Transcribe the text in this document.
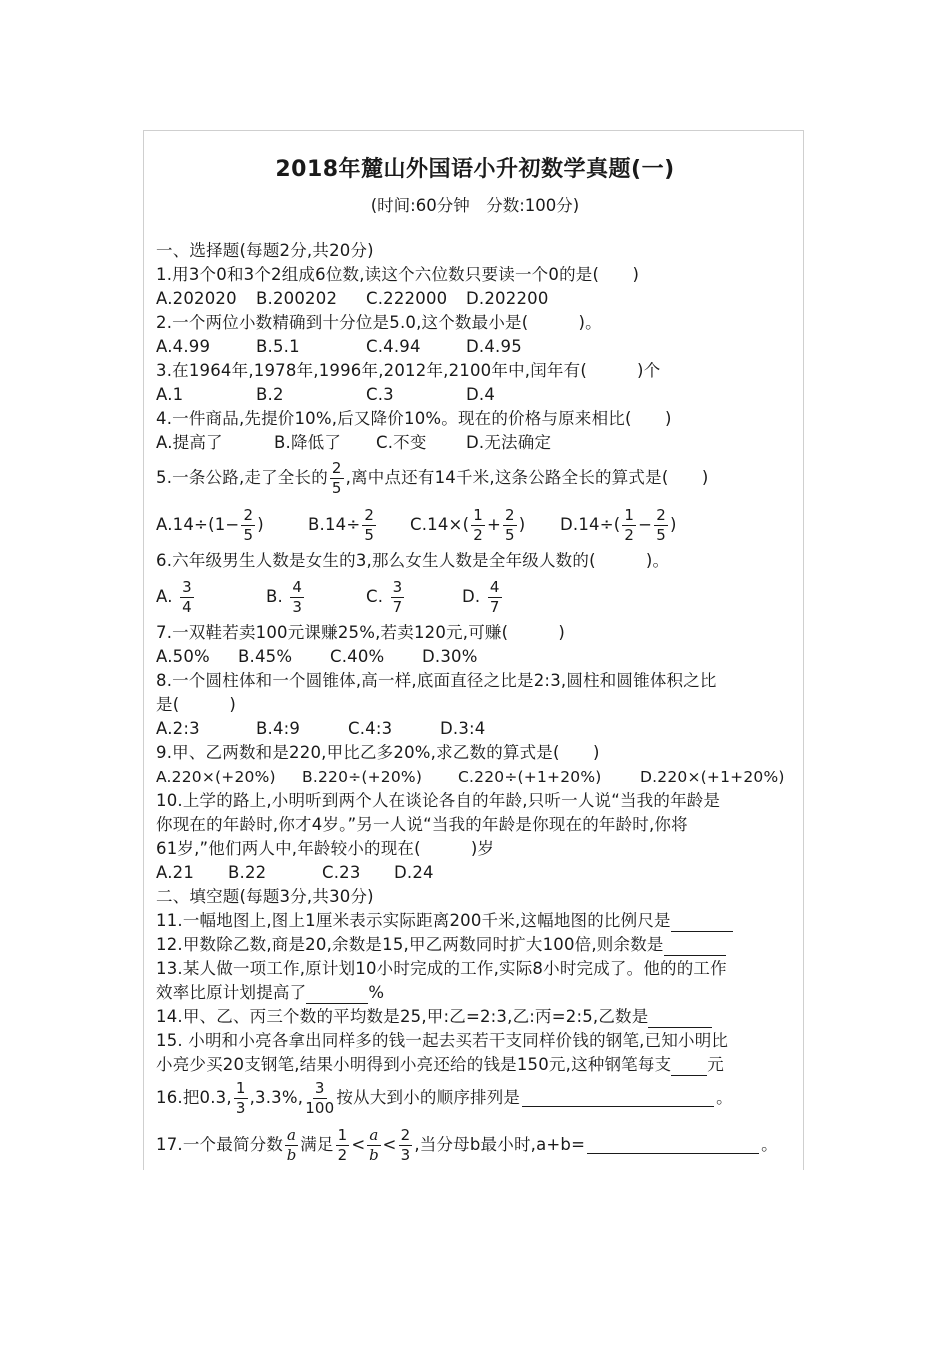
2018年麓山外国语小升初数学真题(一)
(时间:60分钟　分数:100分)
一、选择题(每题2分,共20分)
1.用3个0和3个2组成6位数,读这个六位数只要读一个0的是(　　)
A.202020 B.200202 C.222000 D.202200
2.一个两位小数精确到十分位是5.0,这个数最小是(　　　)。
A.4.99	B.5.1	C.4.94	D.4.95
3.在1964年,1978年,1996年,2012年,2100年中,闰年有(　　　)个
A.1	B.2	C.3	D.4
4.一件商品,先提价10%,后又降价10%。现在的价格与原来相比(　　)
A.提高了	B.降低了 C.不变 D.无法确定
5.一条公路,走了全长的 $\frac{2}{5}$ ,离中点还有14千米,这条公路全长的算式是(　　)
$A.14\div(1- \frac{2}{5}$ )	$B.14\div \frac{2}{5} C.14\times( \frac{1}{2} + \frac{2}{5}$ ) $D.14\div( \frac{1}{2} - \frac{2}{5}$ )
6.六年级男生人数是女生的3,那么女生人数是全年级人数的(　　　)。
A.
$\frac{3}{4}$	B.
$\frac{4}{3}$	C.
$\frac{3}{7}$	D.
$\frac{4}{7}$
7.一双鞋若卖100元课赚25%,若卖120元,可赚(　　　)
A.50% B.45% C.40% D.30%
8.一个圆柱体和一个圆锥体,高一样,底面直径之比是2:3,圆柱和圆锥体积之比
是(　　　)
A.2:3	B.4:9	C.4:3	D.3:4
9.甲、乙两数和是220,甲比乙多20%,求乙数的算式是(　　)
A.220×(+20%) B.220÷(+20%) C.220÷(+1+20%) D.220×(+1+20%)
10.上学的路上,小明听到两个人在谈论各自的年龄,只听一人说“当我的年龄是
你现在的年龄时,你才4岁。”另一人说“当我的年龄是你现在的年龄时,你将
61岁,”他们两人中,年龄较小的现在(　　　)岁
A.21 B.22	C.23 D.24
二、填空题(每题3分,共30分)
11.一幅地图上,图上1厘米表示实际距离200千米,这幅地图的比例尺是
12.甲数除乙数,商是20,余数是15,甲乙两数同时扩大100倍,则余数是
13.某人做一项工作,原计划10小时完成的工作,实际8小时完成了。他的的工作
效率比原计划提高了	%
14.甲、乙、丙三个数的平均数是25,甲:乙=2:3,乙:丙=2:5,乙数是
15. 小明和小亮各拿出同样多的钱一起去买若干支同样价钱的钢笔,已知小明比
小亮少买20支钢笔,结果小明得到小亮还给的钱是150元,这种钢笔每支 元
16.把0.3, $\frac{1}{3} ,3.3\%$, $\frac{3}{100}$ 按从大到小的顺序排列是	。
17.一个最简分数 $\frac{a}{b}$ 满足 $\frac{1}{2} < \frac{a}{b} < \frac{2}{3}$ ,当分母b最小时,a+b=	。
